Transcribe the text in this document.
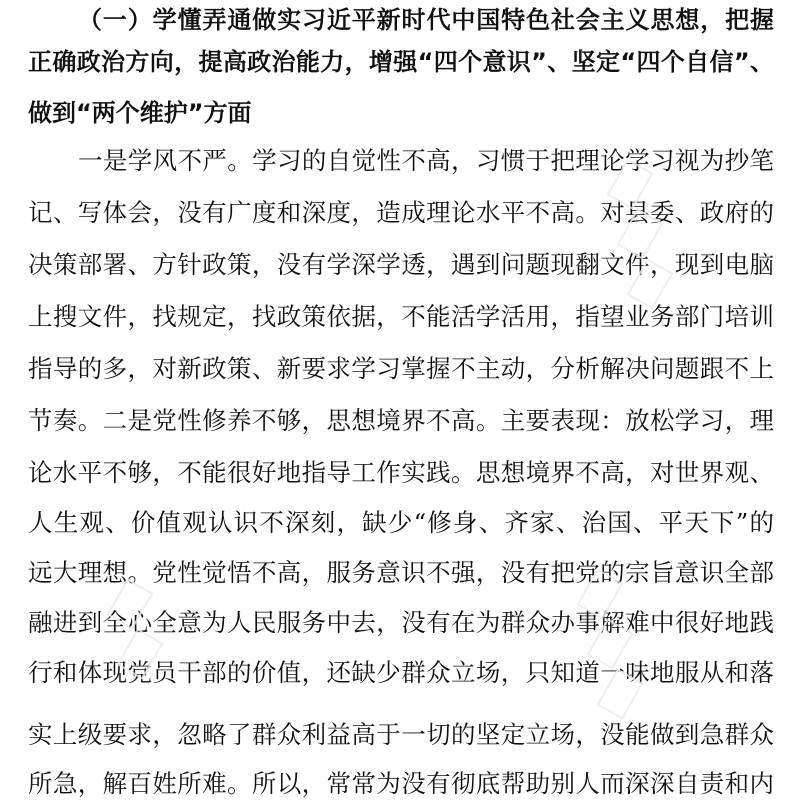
（一）学懂弄通做实习近平新时代中国特色社会主义思想，把握
正确政治方向，提高政治能力，增强“四个意识”、坚定“四个自信”、
做到“两个维护”方面
一是学风不严。学习的自觉性不高，习惯于把理论学习视为抄笔
记、写体会，没有广度和深度，造成理论水平不高。对县委、政府的
决策部署、方针政策，没有学深学透，遇到问题现翻文件，现到电脑
上搜文件，找规定，找政策依据，不能活学活用，指望业务部门培训
指导的多，对新政策、新要求学习掌握不主动，分析解决问题跟不上
节奏。二是党性修养不够，思想境界不高。主要表现：放松学习，理
论水平不够，不能很好地指导工作实践。思想境界不高，对世界观、
人生观、价值观认识不深刻，缺少“修身、齐家、治国、平天下”的
远大理想。党性觉悟不高，服务意识不强，没有把党的宗旨意识全部
融进到全心全意为人民服务中去，没有在为群众办事解难中很好地践
行和体现党员干部的价值，还缺少群众立场，只知道一味地服从和落
实上级要求，忽略了群众利益高于一切的坚定立场，没能做到急群众
所急，解百姓所难。所以，常常为没有彻底帮助别人而深深自责和内
